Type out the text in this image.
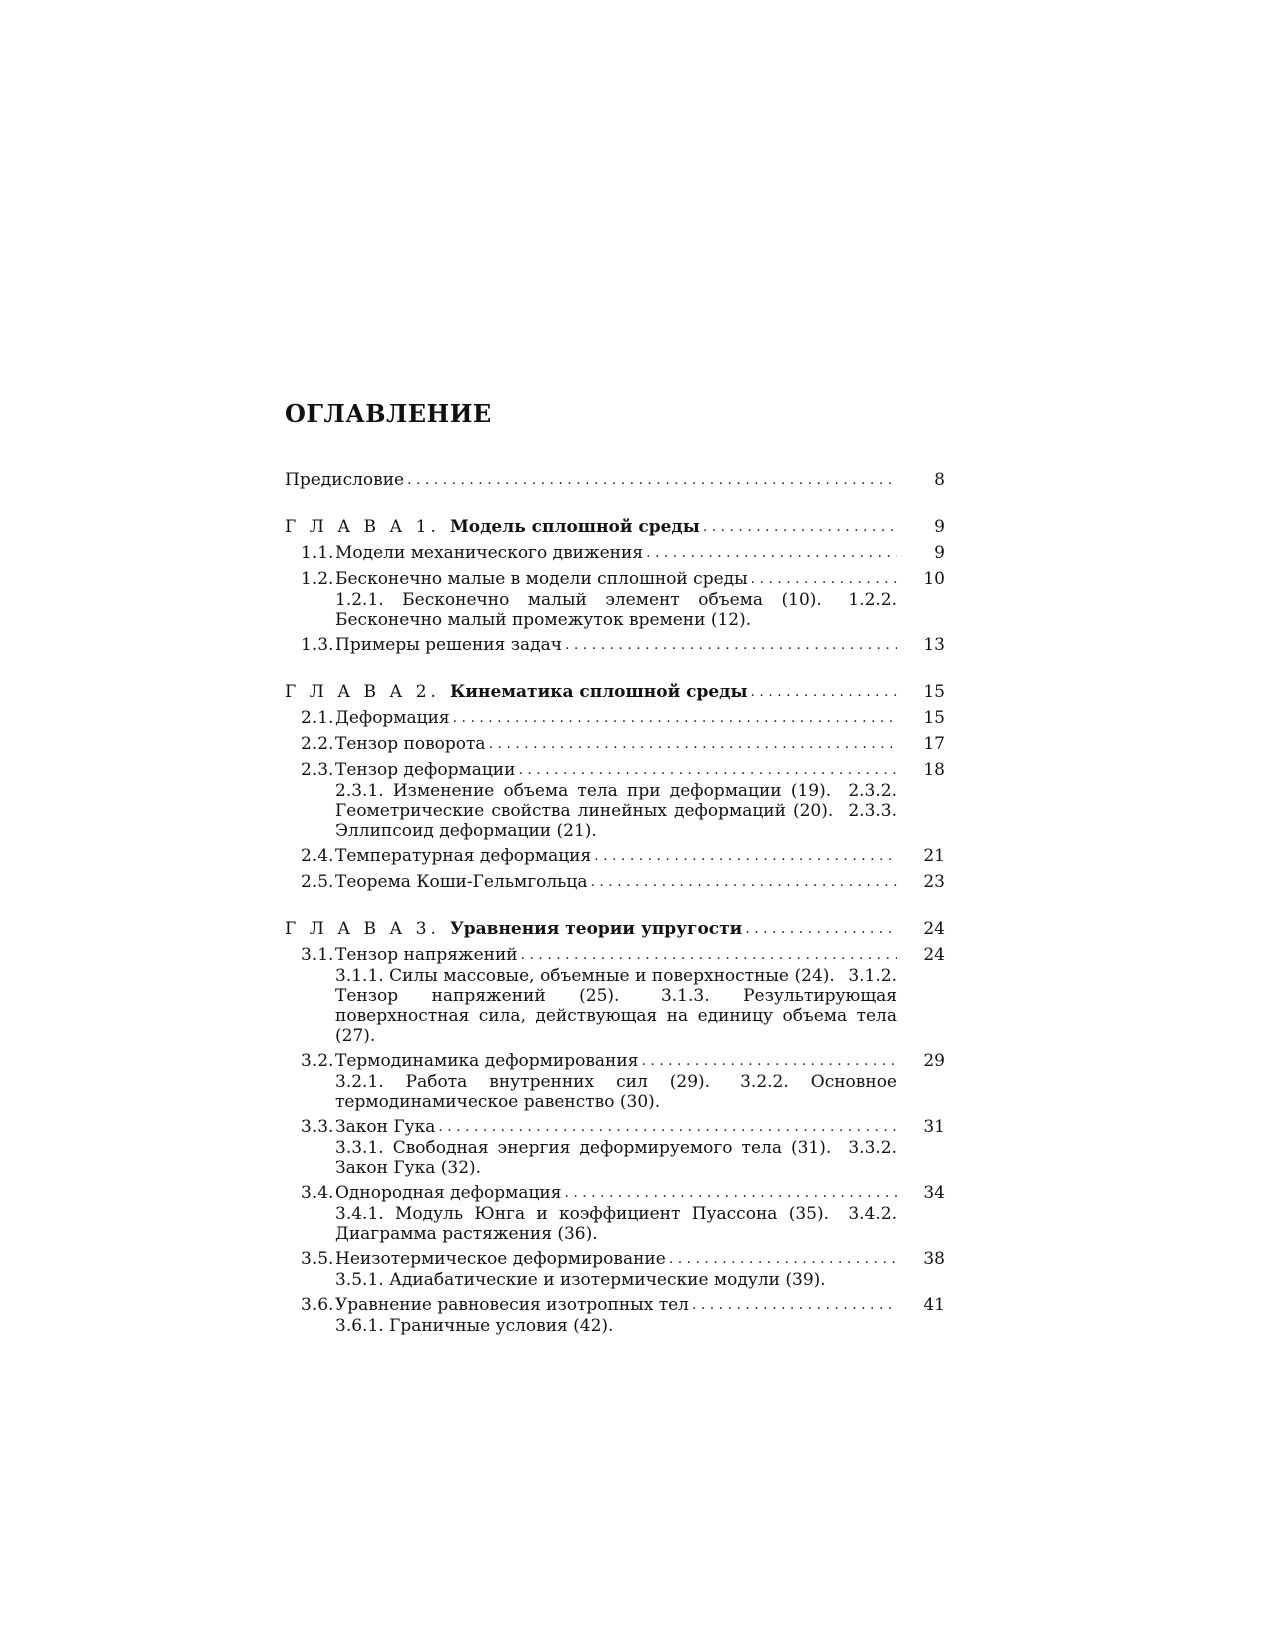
ОГЛАВЛЕНИЕ
Предисловие . . .	8
Г Л А В А 1. Модель сплошной среды . . .	9
1.1.Модели механического движения . . .	9
1.2.Бесконечно малые в модели сплошной среды . . .	10
1.2.1. Бесконечно малый элемент объема (10). 1.2.2. Бесконечно малый промежуток времени (12).
1.3.Примеры решения задач . . .	13
Г Л А В А 2. Кинематика сплошной среды . . .	15
2.1.Деформация . . .	15
2.2.Тензор поворота . . .	17
2.3.Тензор деформации . . .	18
2.3.1. Изменение объема тела при деформации (19). 2.3.2. Геометрические свойства линейных деформаций (20). 2.3.3. Эллипсоид деформации (21).
2.4.Температурная деформация . . .	21
2.5.Теорема Коши-Гельмгольца . . .	23
Г Л А В А 3. Уравнения теории упругости . . .	24
3.1.Тензор напряжений . . .	24
3.1.1. Силы массовые, объемные и поверхностные (24). 3.1.2. Тензор напряжений (25). 3.1.3. Результирующая поверхностная сила, действующая на единицу объема тела (27).
3.2.Термодинамика деформирования . . .	29
3.2.1. Работа внутренних сил (29). 3.2.2. Основное термодинамическое равенство (30).
3.3.Закон Гука . . .	31
3.3.1. Свободная энергия деформируемого тела (31). 3.3.2. Закон Гука (32).
3.4.Однородная деформация . . .	34
3.4.1. Модуль Юнга и коэффициент Пуассона (35). 3.4.2. Диаграмма растяжения (36).
3.5.Неизотермическое деформирование . . .	38
3.5.1. Адиабатические и изотермические модули (39).
3.6.Уравнение равновесия изотропных тел . . .	41
3.6.1. Граничные условия (42).
